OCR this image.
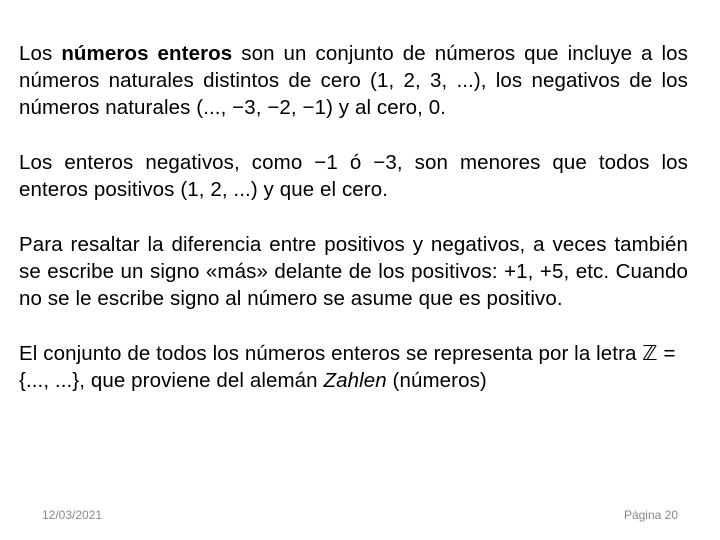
Los números enteros son un conjunto de números que incluye a los números naturales distintos de cero (1, 2, 3, ...), los negativos de los números naturales (..., −3, −2, −1) y al cero, 0.

Los enteros negativos, como −1 ó −3, son menores que todos los enteros positivos (1, 2, ...) y que el cero.

Para resaltar la diferencia entre positivos y negativos, a veces también se escribe un signo «más» delante de los positivos: +1, +5, etc. Cuando no se le escribe signo al número se asume que es positivo.

El conjunto de todos los números enteros se representa por la letra ℤ = {..., ...}, que proviene del alemán Zahlen (números)

12/03/2021	Página 20
